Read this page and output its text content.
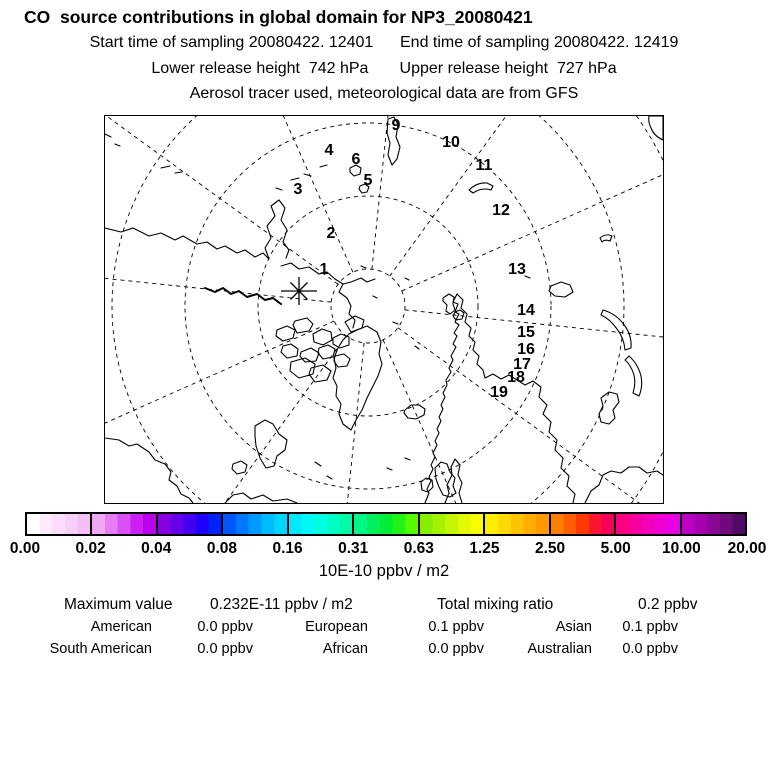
CO  source contributions in global domain for NP3_20080421
Start time of sampling 20080422. 12401      End time of sampling 20080422. 12419
Lower release height  742 hPa       Upper release height  727 hPa
Aerosol tracer used, meteorological data are from GFS
1
2
3
4
5
6
9
10
11
12
13
14
15
16
17
18
19
0.00 0.02 0.04 0.08 0.16 0.31 0.63 1.25 2.50 5.00 10.00 20.00
10E-10 ppbv / m2
Maximum value 0.232E-11 ppbv / m2	Total mixing ratio	0.2 ppbv
American	0.0 ppbv	European	0.1 ppbv	Asian	0.1 ppbv
South American	0.0 ppbv	African	0.0 ppbv	Australian	0.0 ppbv
